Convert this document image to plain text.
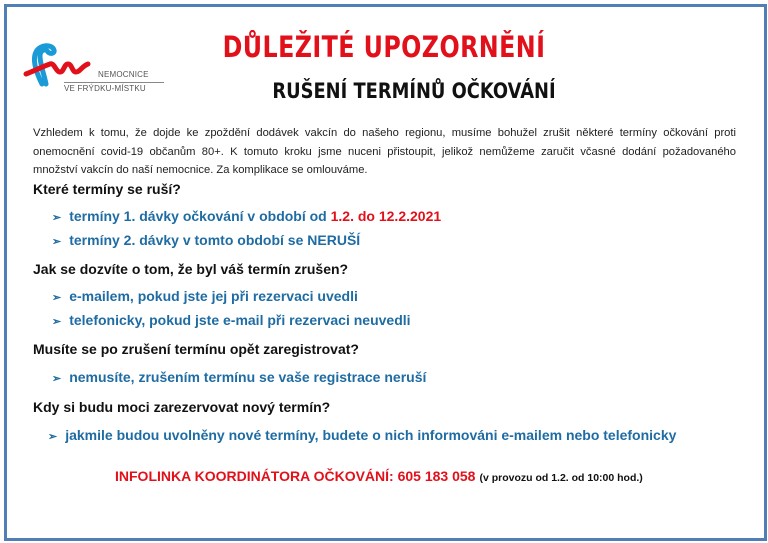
NEMOCNICE
VE FRÝDKU-MÍSTKU
DŮLEŽITÉ UPOZORNĚNÍ
RUŠENÍ TERMÍNŮ OČKOVÁNÍ
Vzhledem k tomu, že dojde ke zpoždění dodávek vakcín do našeho regionu, musíme bohužel zrušit některé termíny očkování proti onemocnění covid-19 občanům 80+. K tomuto kroku jsme nuceni přistoupit, jelikož nemůžeme zaručit včasné dodání požadovaného množství vakcín do naší nemocnice. Za komplikace se omlouváme.
Které termíny se ruší?
➢ termíny 1. dávky očkování v období od 1.2. do 12.2.2021
➢ termíny 2. dávky v tomto období se NERUŠÍ
Jak se dozvíte o tom, že byl váš termín zrušen?
➢ e-mailem, pokud jste jej při rezervaci uvedli
➢ telefonicky, pokud jste e-mail při rezervaci neuvedli
Musíte se po zrušení termínu opět zaregistrovat?
➢ nemusíte, zrušením termínu se vaše registrace neruší
Kdy si budu moci zarezervovat nový termín?
➢ jakmile budou uvolněny nové termíny, budete o nich informováni e-mailem nebo telefonicky
INFOLINKA KOORDINÁTORA OČKOVÁNÍ: 605 183 058 (v provozu od 1.2. od 10:00 hod.)
